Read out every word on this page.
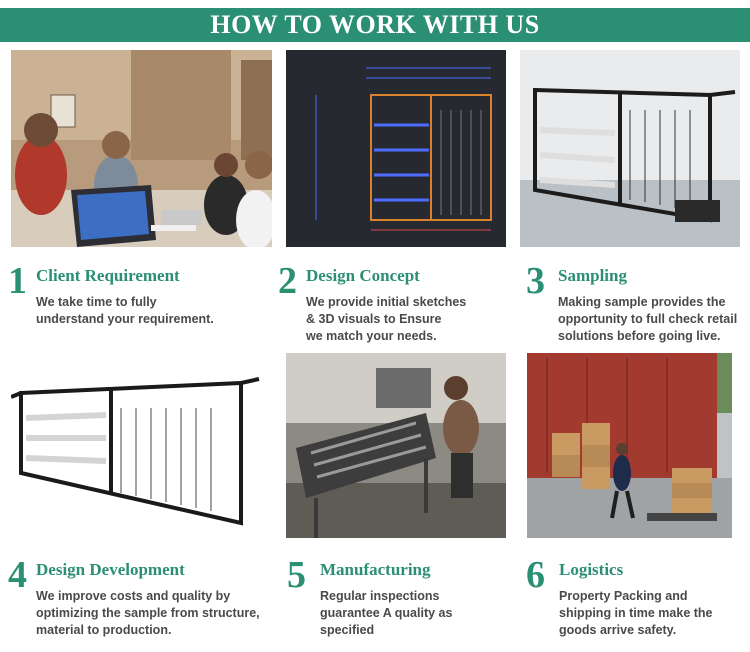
HOW TO WORK WITH US
1 Client Requirement
We take time to fully
understand your requirement.
2 Design Concept
We provide initial sketches
& 3D visuals to Ensure
we match your needs.
3 Sampling
Making sample provides the
opportunity to full check retail
solutions before going live.
4 Design Development
We improve costs and quality by
optimizing the sample from structure,
material to production.
5 Manufacturing
Regular inspections
guarantee A quality as
specified
6 Logistics
Property Packing and
shipping in time make the
goods arrive safety.
